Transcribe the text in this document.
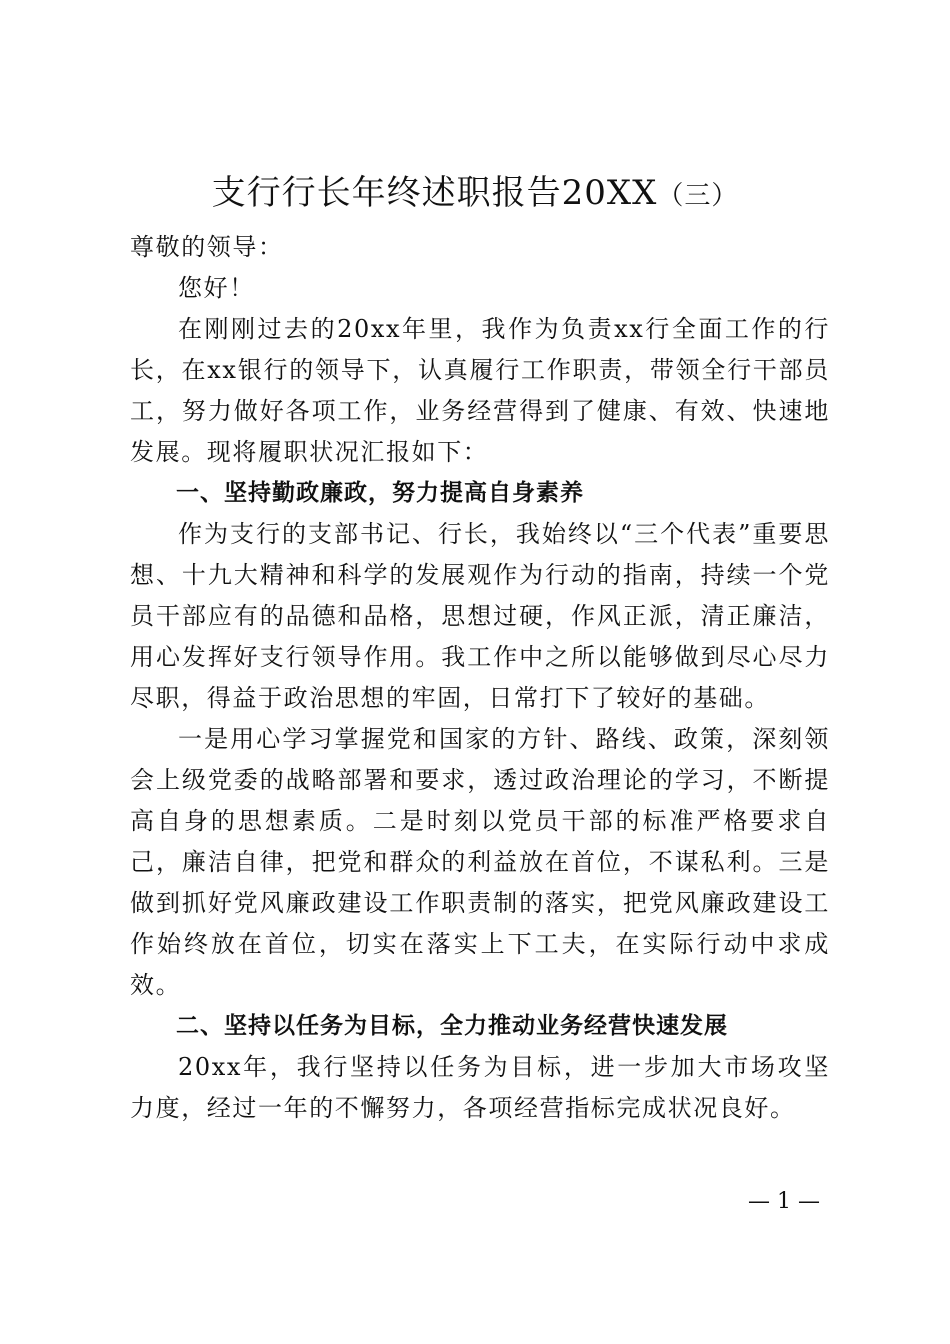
支行行长年终述职报告20XX（三）

尊敬的领导：

您好！

在刚刚过去的20xx年里，我作为负责xx行全面工作的行长，在xx银行的领导下，认真履行工作职责，带领全行干部员工，努力做好各项工作，业务经营得到了健康、有效、快速地发展。现将履职状况汇报如下：

一、坚持勤政廉政，努力提高自身素养

作为支行的支部书记、行长，我始终以“三个代表”重要思想、十九大精神和科学的发展观作为行动的指南，持续一个党员干部应有的品德和品格，思想过硬，作风正派，清正廉洁，用心发挥好支行领导作用。我工作中之所以能够做到尽心尽力尽职，得益于政治思想的牢固，日常打下了较好的基础。

一是用心学习掌握党和国家的方针、路线、政策，深刻领会上级党委的战略部署和要求，透过政治理论的学习，不断提高自身的思想素质。二是时刻以党员干部的标准严格要求自己，廉洁自律，把党和群众的利益放在首位，不谋私利。三是做到抓好党风廉政建设工作职责制的落实，把党风廉政建设工作始终放在首位，切实在落实上下工夫，在实际行动中求成效。

二、坚持以任务为目标，全力推动业务经营快速发展

20xx年，我行坚持以任务为目标，进一步加大市场攻坚力度，经过一年的不懈努力，各项经营指标完成状况良好。

— 1 —
